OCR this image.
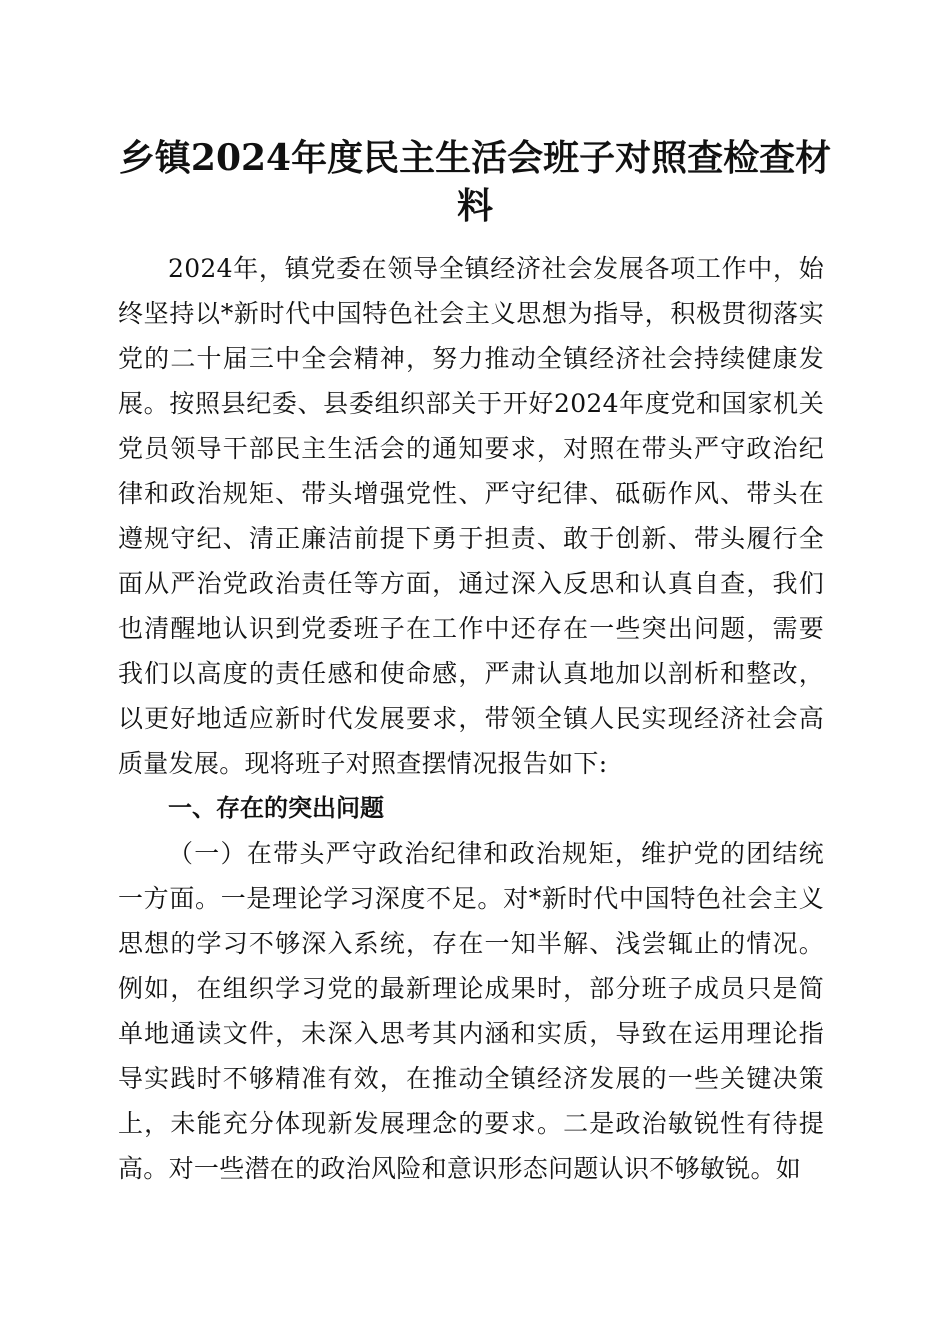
乡镇2024年度民主生活会班子对照查检查材料

2024年，镇党委在领导全镇经济社会发展各项工作中，始终坚持以*新时代中国特色社会主义思想为指导，积极贯彻落实党的二十届三中全会精神，努力推动全镇经济社会持续健康发展。按照县纪委、县委组织部关于开好2024年度党和国家机关党员领导干部民主生活会的通知要求，对照在带头严守政治纪律和政治规矩、带头增强党性、严守纪律、砥砺作风、带头在遵规守纪、清正廉洁前提下勇于担责、敢于创新、带头履行全面从严治党政治责任等方面，通过深入反思和认真自查，我们也清醒地认识到党委班子在工作中还存在一些突出问题，需要我们以高度的责任感和使命感，严肃认真地加以剖析和整改，以更好地适应新时代发展要求，带领全镇人民实现经济社会高质量发展。现将班子对照查摆情况报告如下:

一、存在的突出问题

（一）在带头严守政治纪律和政治规矩，维护党的团结统一方面。一是理论学习深度不足。对*新时代中国特色社会主义思想的学习不够深入系统，存在一知半解、浅尝辄止的情况。例如，在组织学习党的最新理论成果时，部分班子成员只是简单地通读文件，未深入思考其内涵和实质，导致在运用理论指导实践时不够精准有效，在推动全镇经济发展的一些关键决策上，未能充分体现新发展理念的要求。二是政治敏锐性有待提高。对一些潜在的政治风险和意识形态问题认识不够敏锐。如
